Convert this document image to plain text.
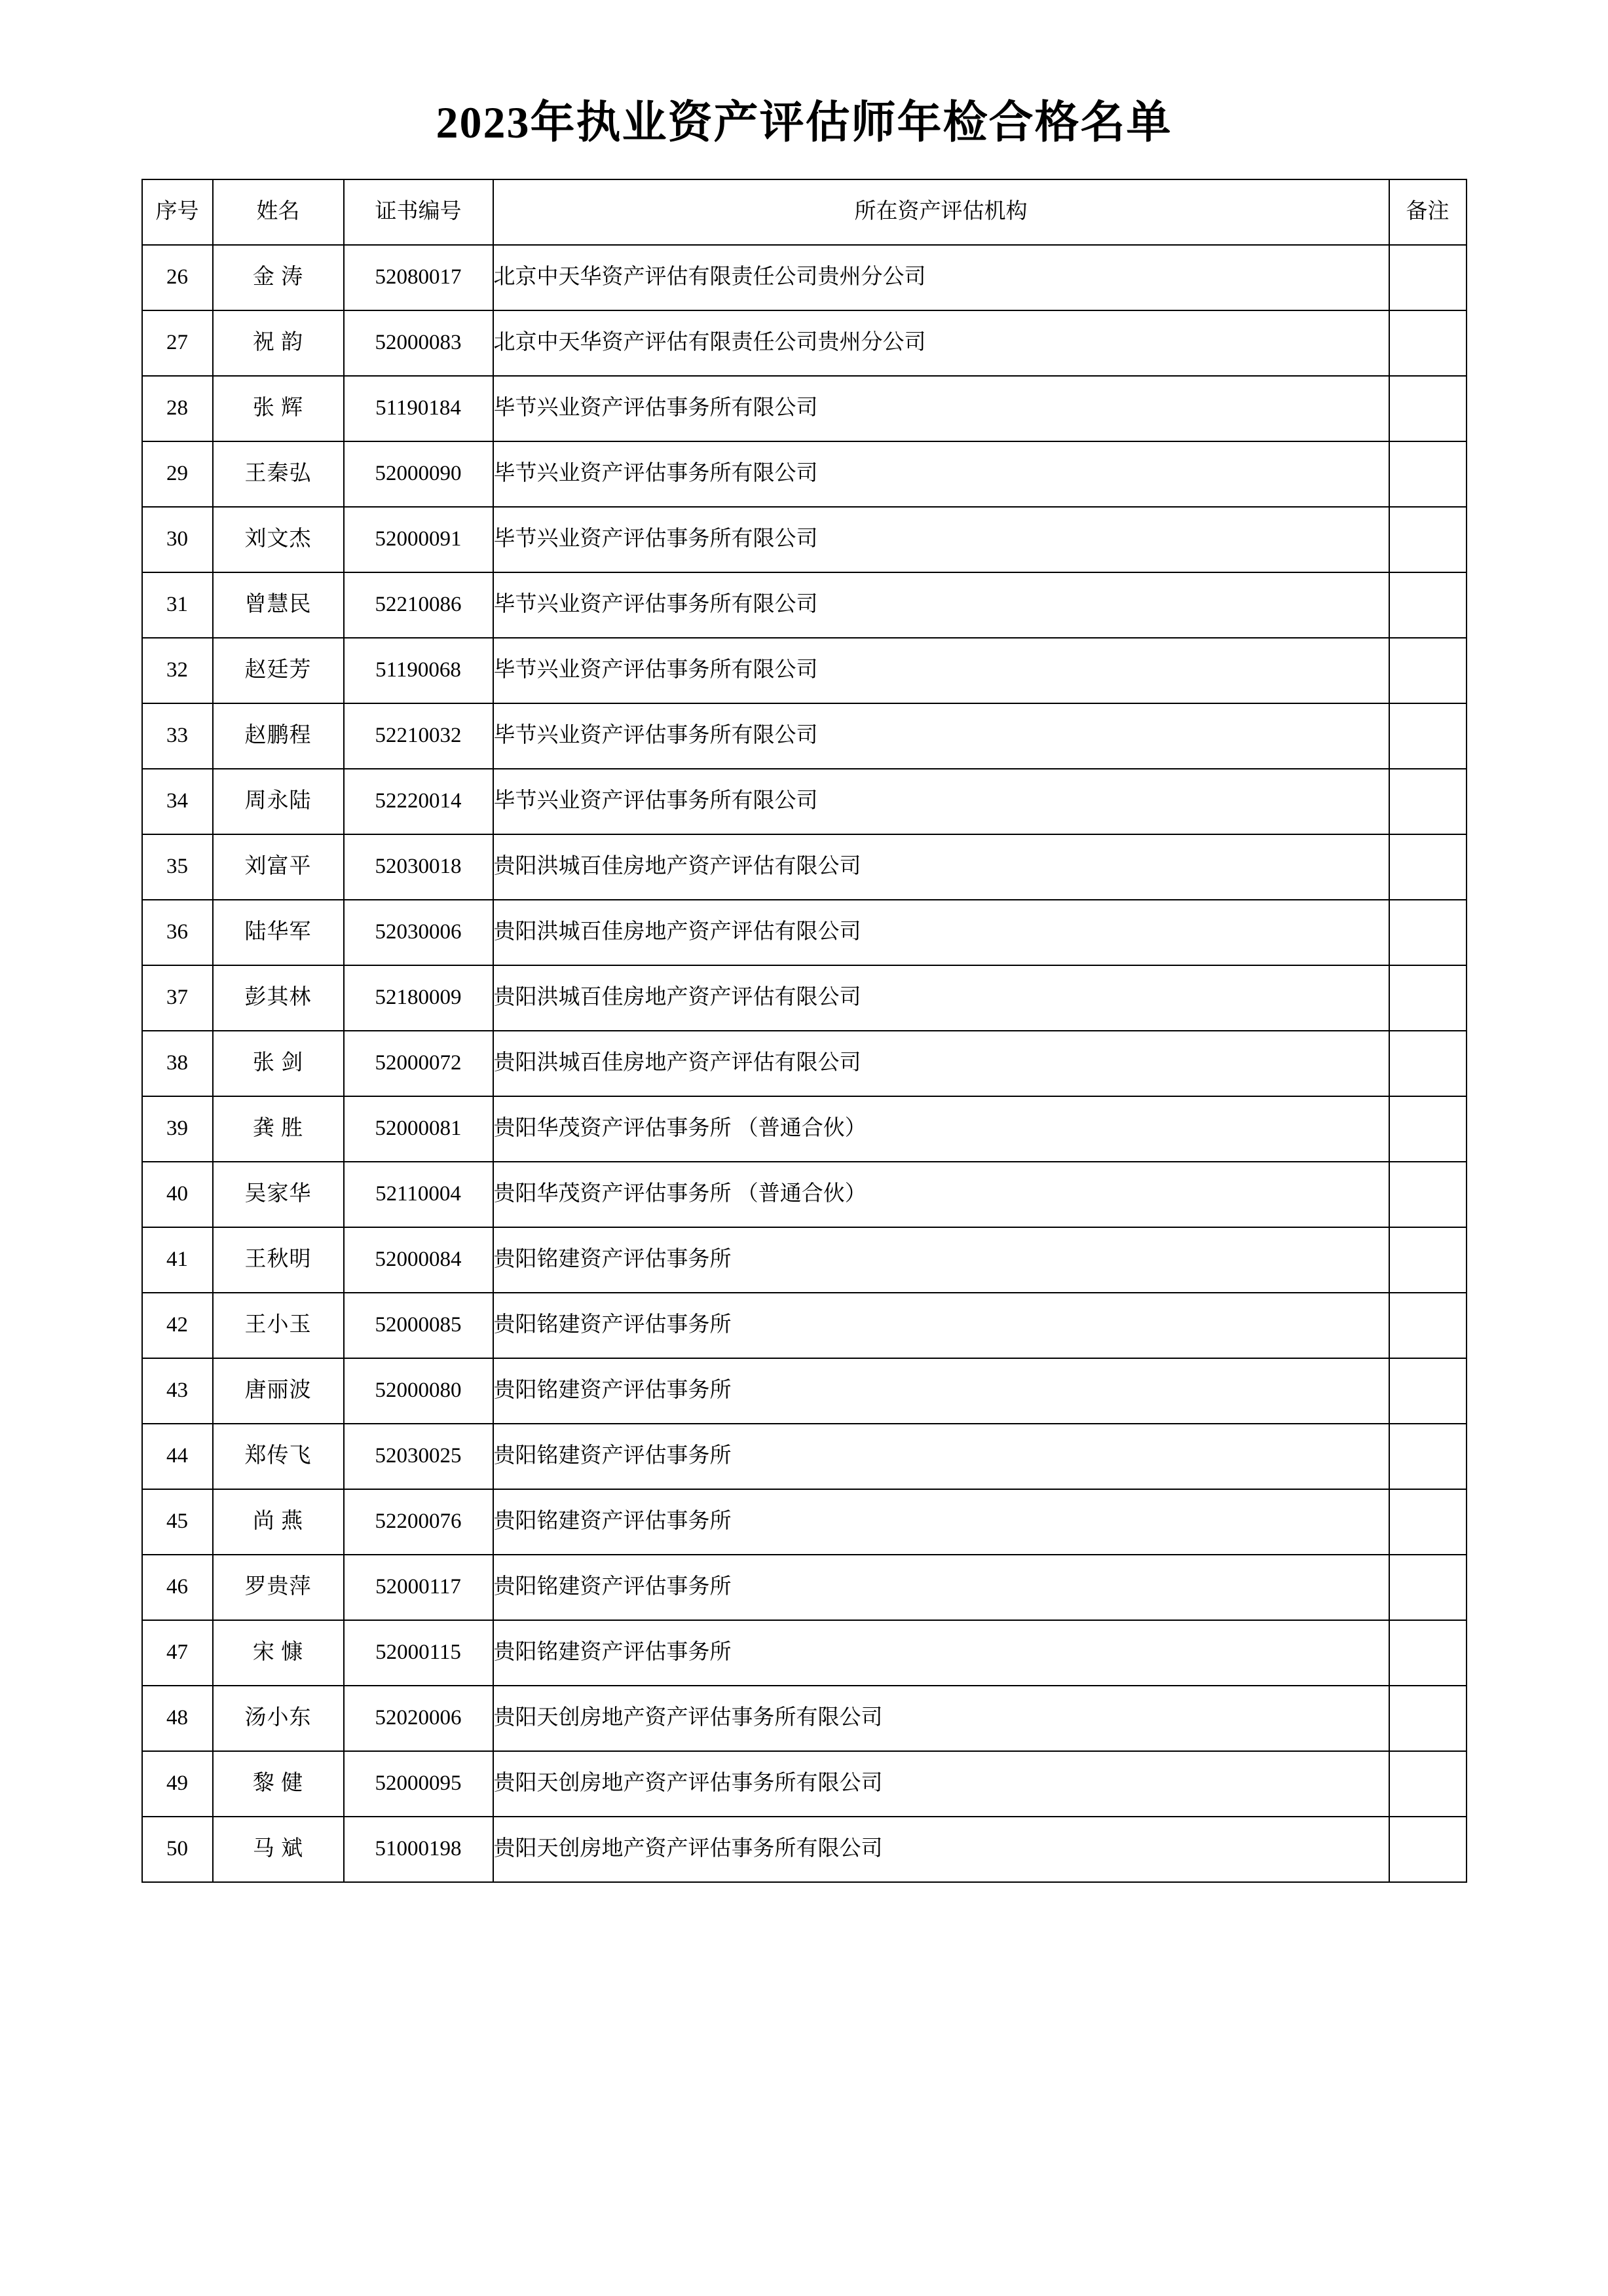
2023年执业资产评估师年检合格名单
序号	姓名	证书编号	所在资产评估机构	备注
26	金 涛	52080017	北京中天华资产评估有限责任公司贵州分公司	
27	祝 韵	52000083	北京中天华资产评估有限责任公司贵州分公司	
28	张 辉	51190184	毕节兴业资产评估事务所有限公司	
29	王秦弘	52000090	毕节兴业资产评估事务所有限公司	
30	刘文杰	52000091	毕节兴业资产评估事务所有限公司	
31	曾慧民	52210086	毕节兴业资产评估事务所有限公司	
32	赵廷芳	51190068	毕节兴业资产评估事务所有限公司	
33	赵鹏程	52210032	毕节兴业资产评估事务所有限公司	
34	周永陆	52220014	毕节兴业资产评估事务所有限公司	
35	刘富平	52030018	贵阳洪城百佳房地产资产评估有限公司	
36	陆华军	52030006	贵阳洪城百佳房地产资产评估有限公司	
37	彭其林	52180009	贵阳洪城百佳房地产资产评估有限公司	
38	张 剑	52000072	贵阳洪城百佳房地产资产评估有限公司	
39	龚 胜	52000081	贵阳华茂资产评估事务所 （普通合伙）	
40	吴家华	52110004	贵阳华茂资产评估事务所 （普通合伙）	
41	王秋明	52000084	贵阳铭建资产评估事务所	
42	王小玉	52000085	贵阳铭建资产评估事务所	
43	唐丽波	52000080	贵阳铭建资产评估事务所	
44	郑传飞	52030025	贵阳铭建资产评估事务所	
45	尚 燕	52200076	贵阳铭建资产评估事务所	
46	罗贵萍	52000117	贵阳铭建资产评估事务所	
47	宋 慷	52000115	贵阳铭建资产评估事务所	
48	汤小东	52020006	贵阳天创房地产资产评估事务所有限公司	
49	黎 健	52000095	贵阳天创房地产资产评估事务所有限公司	
50	马 斌	51000198	贵阳天创房地产资产评估事务所有限公司	
